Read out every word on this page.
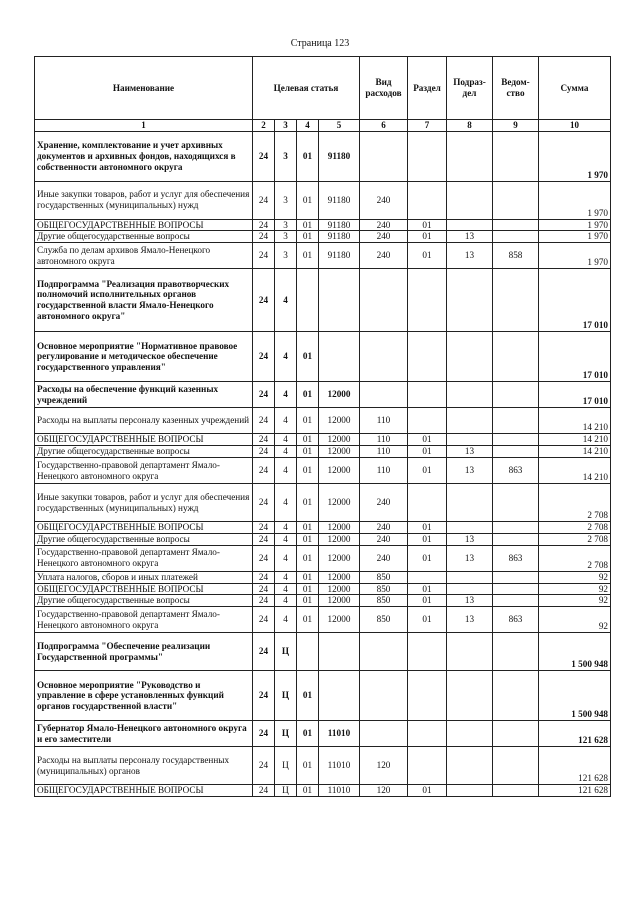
Страница 123
Наименование	Целевая статья				Вид расходов	Раздел	Подраз-дел	Ведом-ство	Сумма
1	2	3	4	5	6	7	8	9	10
Хранение, комплектование и учет архивных документов и архивных фондов, находящихся в собственности автономного округа	24	3	01	91180					1 970
Иные закупки товаров, работ и услуг для обеспечения государственных (муниципальных) нужд	24	3	01	91180	240				1 970
ОБЩЕГОСУДАРСТВЕННЫЕ ВОПРОСЫ	24	3	01	91180	240	01			1 970
Другие общегосударственные вопросы	24	3	01	91180	240	01	13		1 970
Служба по делам архивов Ямало-Ненецкого автономного округа	24	3	01	91180	240	01	13	858	1 970
Подпрограмма "Реализация правотворческих полномочий исполнительных органов государственной власти Ямало-Ненецкого автономного округа"	24	4							17 010
Основное мероприятие "Нормативное правовое регулирование и методическое обеспечение государственного управления"	24	4	01						17 010
Расходы на обеспечение функций казенных учреждений	24	4	01	12000					17 010
Расходы на выплаты персоналу казенных учреждений	24	4	01	12000	110				14 210
ОБЩЕГОСУДАРСТВЕННЫЕ ВОПРОСЫ	24	4	01	12000	110	01			14 210
Другие общегосударственные вопросы	24	4	01	12000	110	01	13		14 210
Государственно-правовой департамент Ямало-Ненецкого автономного округа	24	4	01	12000	110	01	13	863	14 210
Иные закупки товаров, работ и услуг для обеспечения государственных (муниципальных) нужд	24	4	01	12000	240				2 708
ОБЩЕГОСУДАРСТВЕННЫЕ ВОПРОСЫ	24	4	01	12000	240	01			2 708
Другие общегосударственные вопросы	24	4	01	12000	240	01	13		2 708
Государственно-правовой департамент Ямало-Ненецкого автономного округа	24	4	01	12000	240	01	13	863	2 708
Уплата налогов, сборов и иных платежей	24	4	01	12000	850				92
ОБЩЕГОСУДАРСТВЕННЫЕ ВОПРОСЫ	24	4	01	12000	850	01			92
Другие общегосударственные вопросы	24	4	01	12000	850	01	13		92
Государственно-правовой департамент Ямало-Ненецкого автономного округа	24	4	01	12000	850	01	13	863	92
Подпрограмма "Обеспечение реализации Государственной программы"	24	Ц							1 500 948
Основное мероприятие "Руководство и управление в сфере установленных функций органов государственной власти"	24	Ц	01						1 500 948
Губернатор Ямало-Ненецкого автономного округа и его заместители	24	Ц	01	11010					121 628
Расходы на выплаты персоналу государственных (муниципальных) органов	24	Ц	01	11010	120				121 628
ОБЩЕГОСУДАРСТВЕННЫЕ ВОПРОСЫ	24	Ц	01	11010	120	01			121 628
